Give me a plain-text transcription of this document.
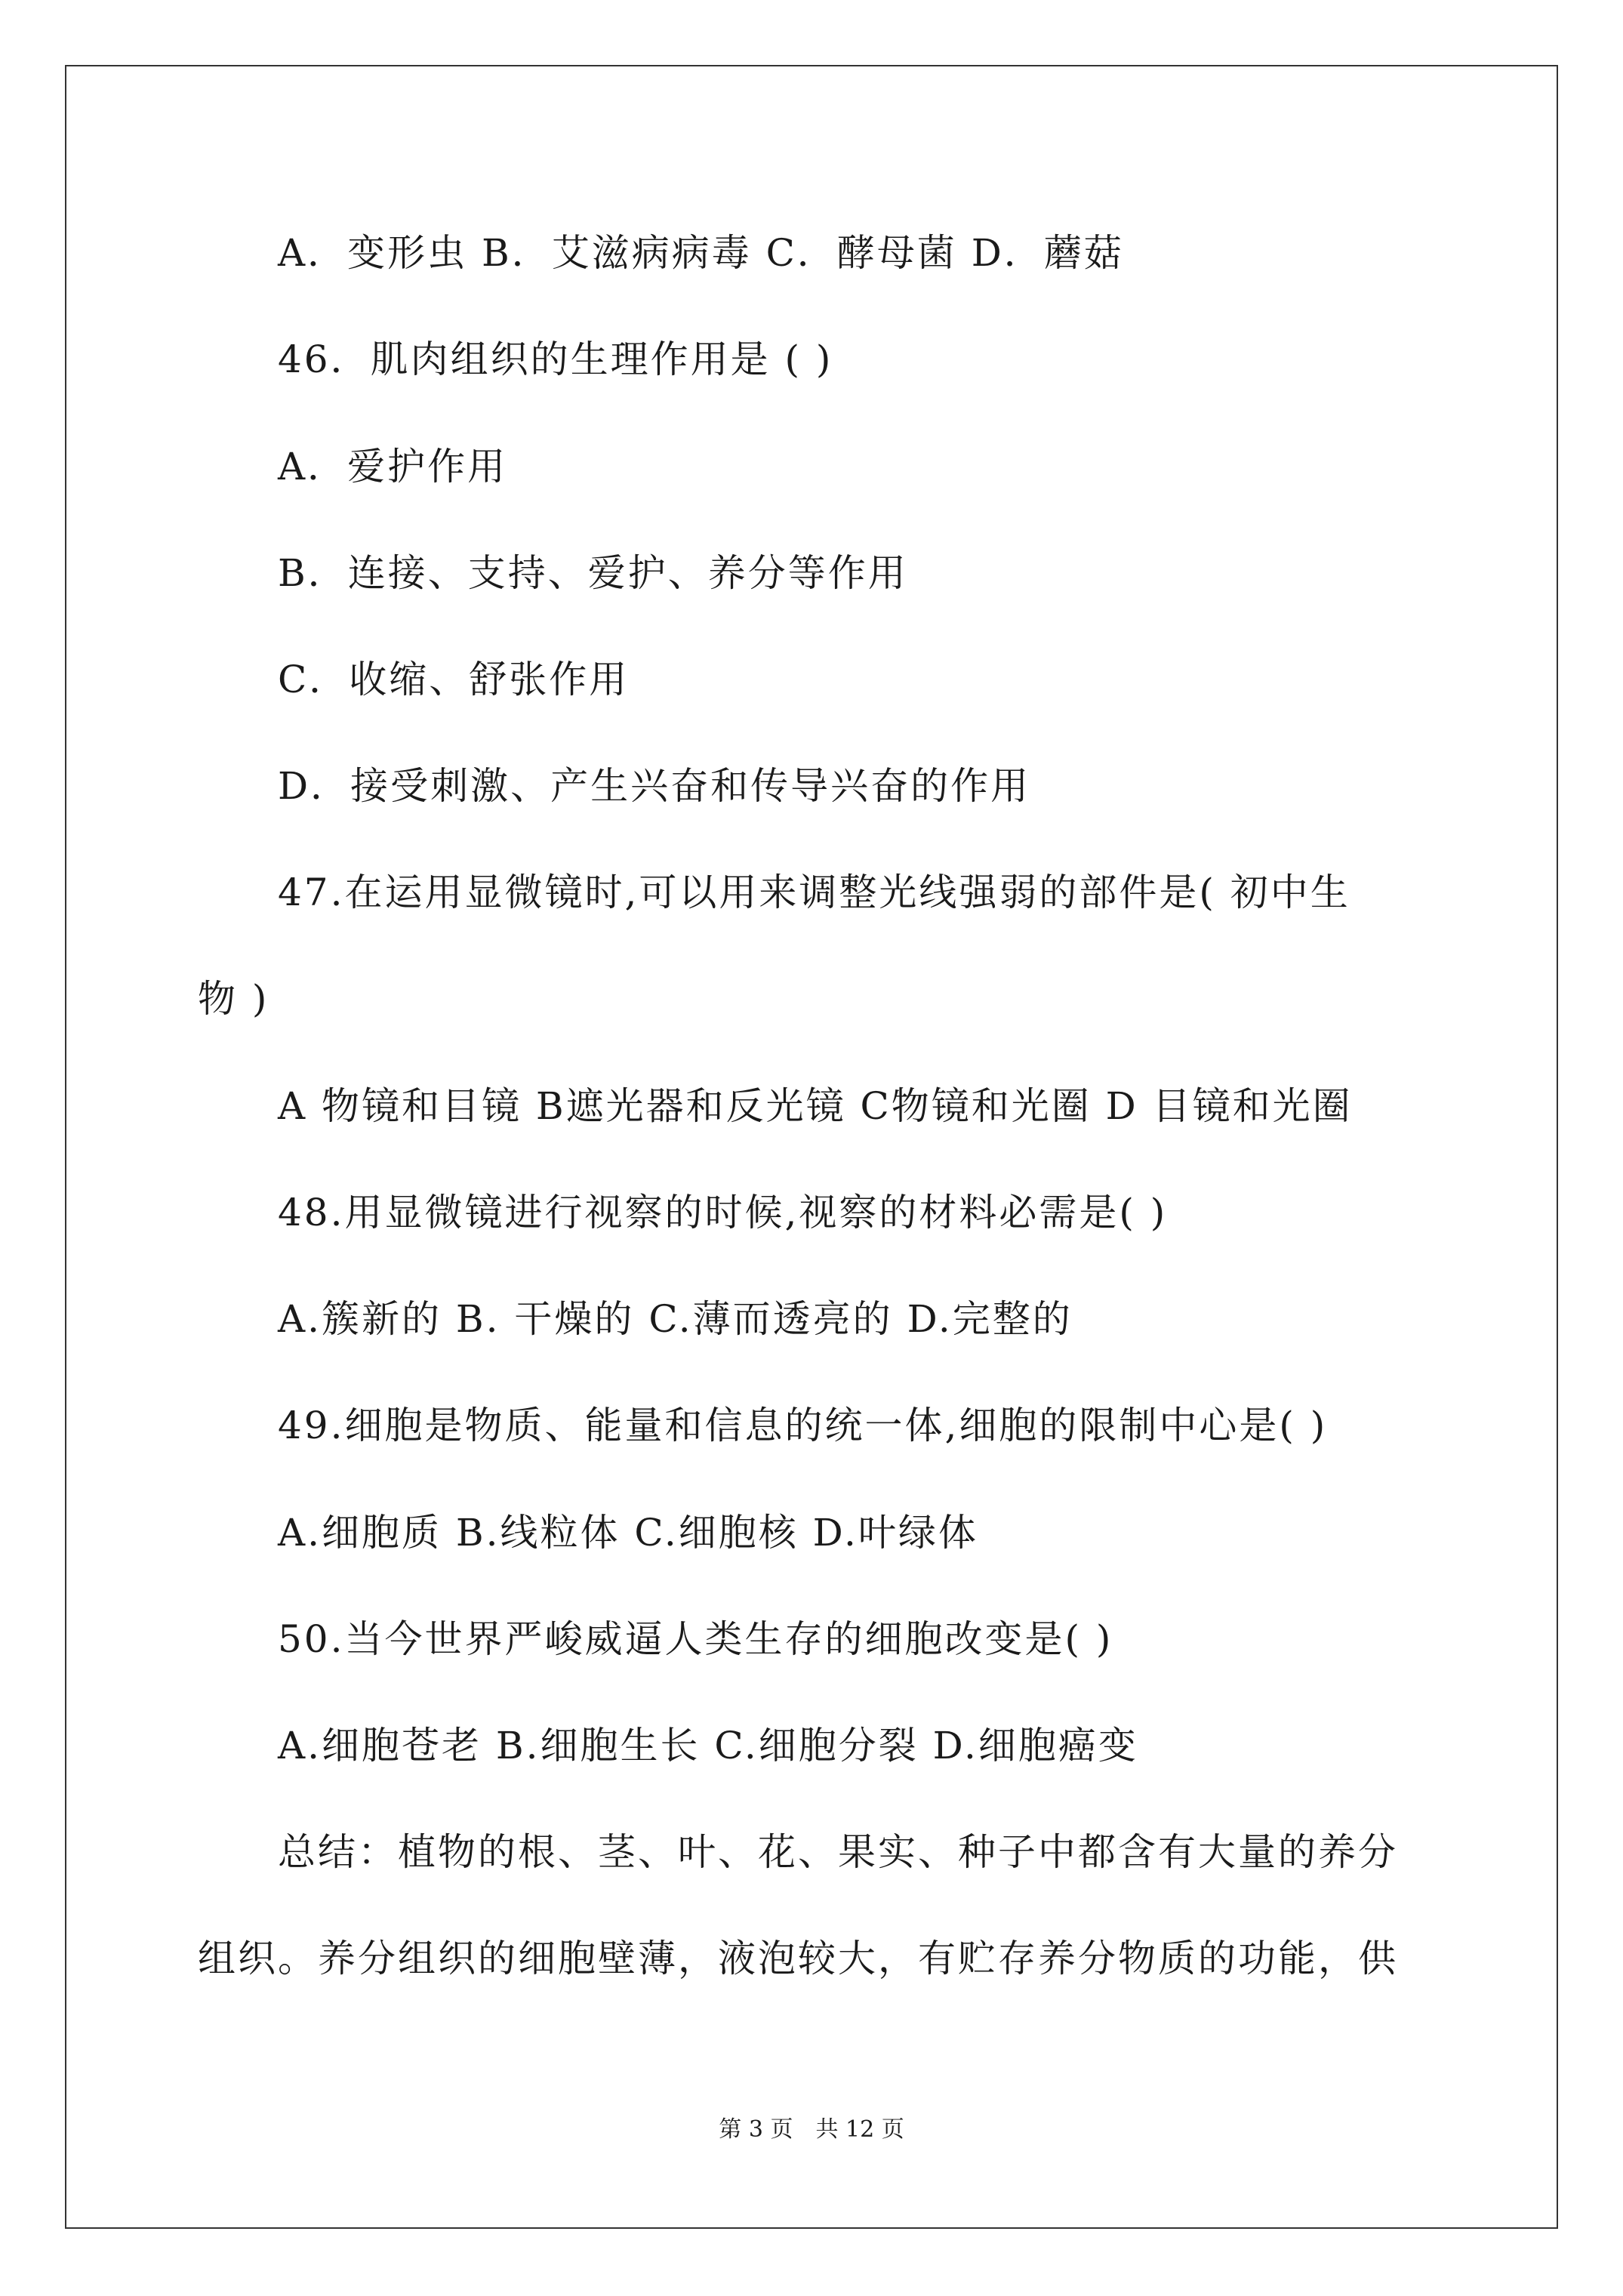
A．变形虫 B．艾滋病病毒 C．酵母菌 D．蘑菇
46．肌肉组织的生理作用是 ( )
A．爱护作用
B．连接、支持、爱护、养分等作用
C．收缩、舒张作用
D．接受刺激、产生兴奋和传导兴奋的作用
47.在运用显微镜时,可以用来调整光线强弱的部件是( 初中生
物 )
A 物镜和目镜 B遮光器和反光镜 C物镜和光圈 D 目镜和光圈
48.用显微镜进行视察的时候,视察的材料必需是( )
A.簇新的 B. 干燥的 C.薄而透亮的 D.完整的
49.细胞是物质、能量和信息的统一体,细胞的限制中心是( )
A.细胞质 B.线粒体 C.细胞核 D.叶绿体
50.当今世界严峻威逼人类生存的细胞改变是( )
A.细胞苍老 B.细胞生长 C.细胞分裂 D.细胞癌变
总结：植物的根、茎、叶、花、果实、种子中都含有大量的养分
组织。养分组织的细胞壁薄，液泡较大，有贮存养分物质的功能，供
第 3 页　共 12 页
